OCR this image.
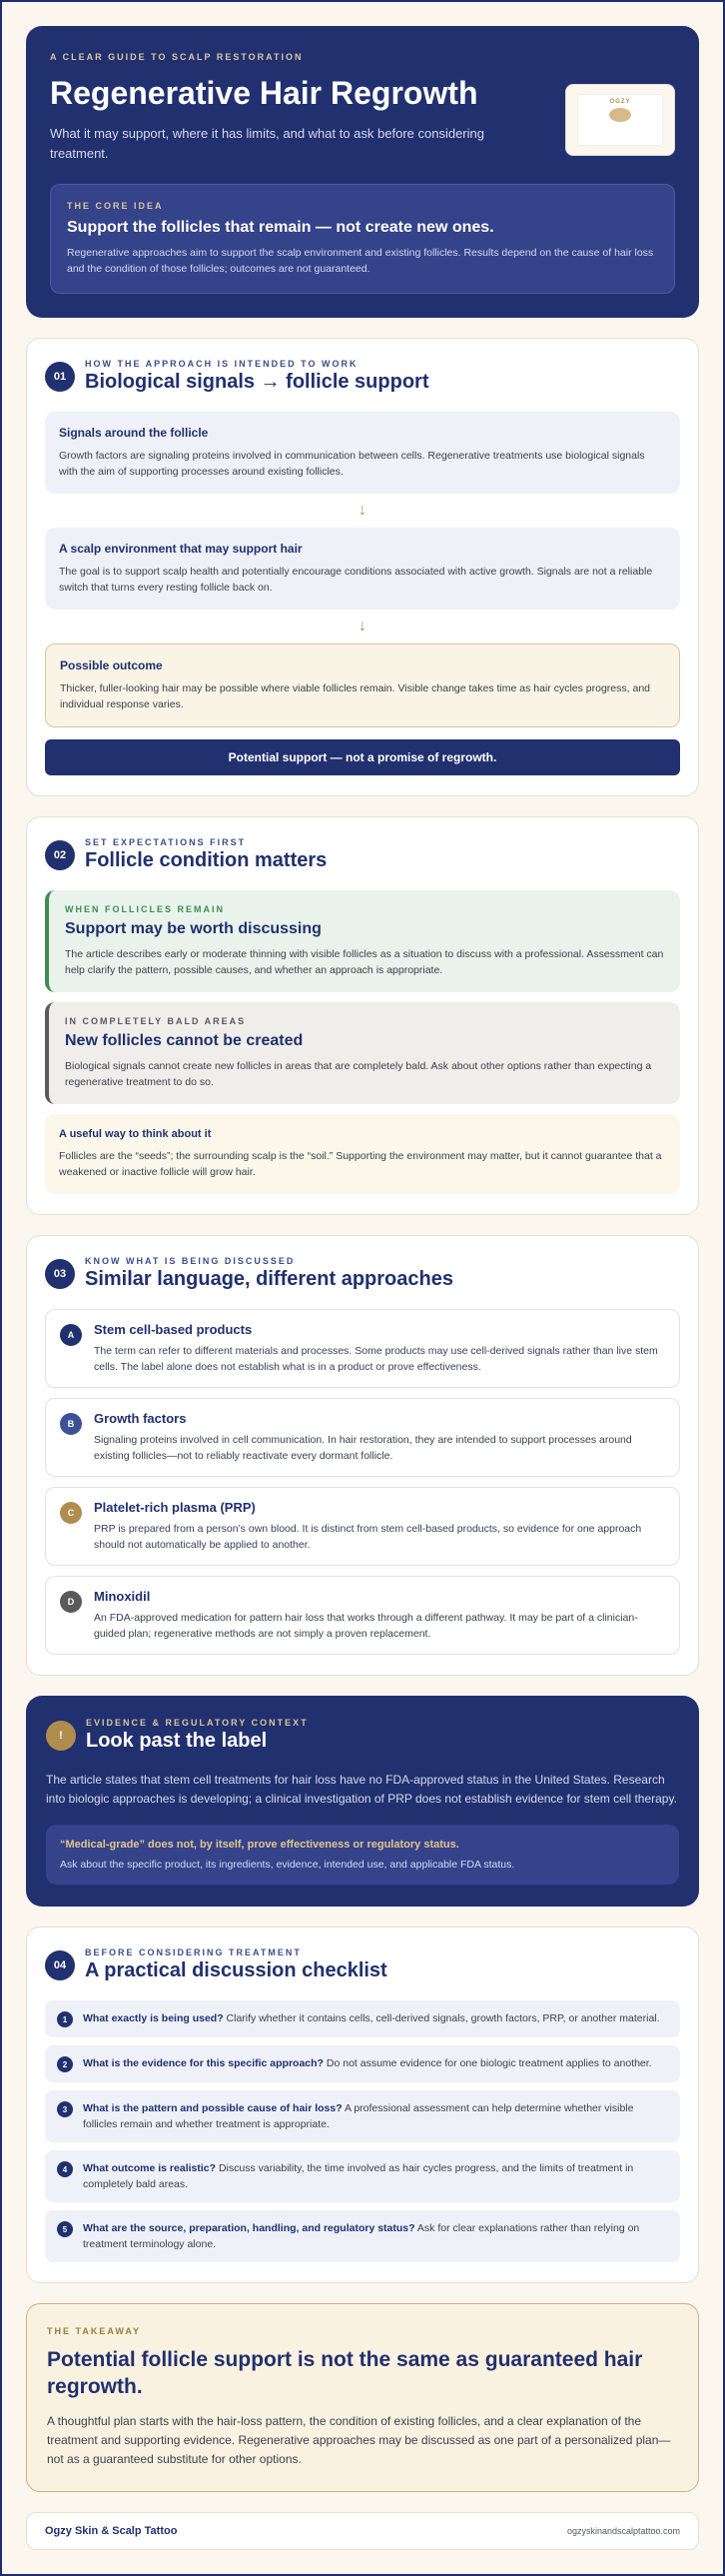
A CLEAR GUIDE TO SCALP RESTORATION
Regenerative Hair Regrowth

What it may support, where it has limits, and what to ask before considering treatment.

OGZY
THE CORE IDEA
Support the follicles that remain — not create new ones.

Regenerative approaches aim to support the scalp environment and existing follicles. Results depend on the cause of hair loss and the condition of those follicles; outcomes are not guaranteed.

01
HOW THE APPROACH IS INTENDED TO WORK
Biological signals → follicle support
Signals around the follicle

Growth factors are signaling proteins involved in communication between cells. Regenerative treatments use biological signals with the aim of supporting processes around existing follicles.

↓
A scalp environment that may support hair

The goal is to support scalp health and potentially encourage conditions associated with active growth. Signals are not a reliable switch that turns every resting follicle back on.

↓
Possible outcome

Thicker, fuller-looking hair may be possible where viable follicles remain. Visible change takes time as hair cycles progress, and individual response varies.

Potential support — not a promise of regrowth.
02
SET EXPECTATIONS FIRST
Follicle condition matters
WHEN FOLLICLES REMAIN
Support may be worth discussing

The article describes early or moderate thinning with visible follicles as a situation to discuss with a professional. Assessment can help clarify the pattern, possible causes, and whether an approach is appropriate.

IN COMPLETELY BALD AREAS
New follicles cannot be created

Biological signals cannot create new follicles in areas that are completely bald. Ask about other options rather than expecting a regenerative treatment to do so.

A useful way to think about it

Follicles are the “seeds”; the surrounding scalp is the “soil.” Supporting the environment may matter, but it cannot guarantee that a weakened or inactive follicle will grow hair.

03
KNOW WHAT IS BEING DISCUSSED
Similar language, different approaches
A	Stem cell-based products

The term can refer to different materials and processes. Some products may use cell-derived signals rather than live stem cells. The label alone does not establish what is in a product or prove effectiveness.

B	Growth factors

Signaling proteins involved in cell communication. In hair restoration, they are intended to support processes around existing follicles—not to reliably reactivate every dormant follicle.

C	Platelet-rich plasma (PRP)

PRP is prepared from a person’s own blood. It is distinct from stem cell-based products, so evidence for one approach should not automatically be applied to another.

D	Minoxidil

An FDA-approved medication for pattern hair loss that works through a different pathway. It may be part of a clinician-guided plan; regenerative methods are not simply a proven replacement.

!
EVIDENCE & REGULATORY CONTEXT
Look past the label

The article states that stem cell treatments for hair loss have no FDA-approved status in the United States. Research into biologic approaches is developing; a clinical investigation of PRP does not establish evidence for stem cell therapy.

“Medical-grade” does not, by itself, prove effectiveness or regulatory status.

Ask about the specific product, its ingredients, evidence, intended use, and applicable FDA status.

04
BEFORE CONSIDERING TREATMENT
A practical discussion checklist
1	What exactly is being used? Clarify whether it contains cells, cell-derived signals, growth factors, PRP, or another material.

2	What is the evidence for this specific approach? Do not assume evidence for one biologic treatment applies to another.

3	What is the pattern and possible cause of hair loss? A professional assessment can help determine whether visible follicles remain and whether treatment is appropriate.

4	What outcome is realistic? Discuss variability, the time involved as hair cycles progress, and the limits of treatment in completely bald areas.

5	What are the source, preparation, handling, and regulatory status? Ask for clear explanations rather than relying on treatment terminology alone.

THE TAKEAWAY
Potential follicle support is not the same as guaranteed hair regrowth.

A thoughtful plan starts with the hair-loss pattern, the condition of existing follicles, and a clear explanation of the treatment and supporting evidence. Regenerative approaches may be discussed as one part of a personalized plan—not as a guaranteed substitute for other options.

Ogzy Skin & Scalp Tattoo	ogzyskinandscalptattoo.com
